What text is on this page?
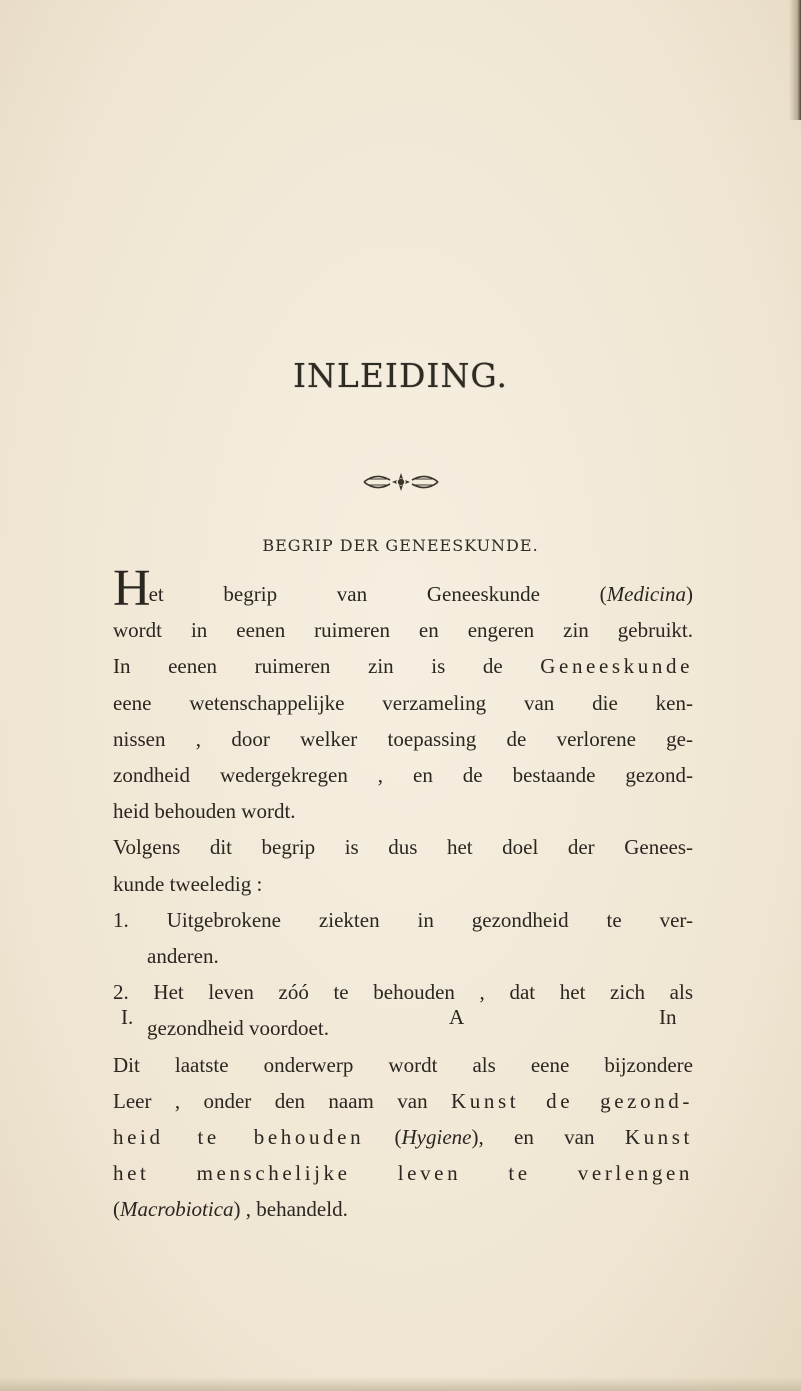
INLEIDING.
BEGRIP DER GENEESKUNDE.
Het begrip van Geneeskunde (Medicina)
wordt in eenen ruimeren en engeren zin gebruikt.
In eenen ruimeren zin is de Geneeskunde
eene wetenschappelijke verzameling van die ken-
nissen , door welker toepassing de verlorene ge-
zondheid wedergekregen , en de bestaande gezond-
heid behouden wordt.
Volgens dit begrip is dus het doel der Genees-
kunde tweeledig :
1. Uitgebrokene ziekten in gezondheid te ver-
anderen.
2. Het leven zóó te behouden , dat het zich als
gezondheid voordoet.
Dit laatste onderwerp wordt als eene bijzondere
Leer , onder den naam van Kunst de gezond-
heid te behouden (Hygiene), en van Kunst
het menschelijke leven te verlengen
(Macrobiotica) , behandeld.
I.	A	In
